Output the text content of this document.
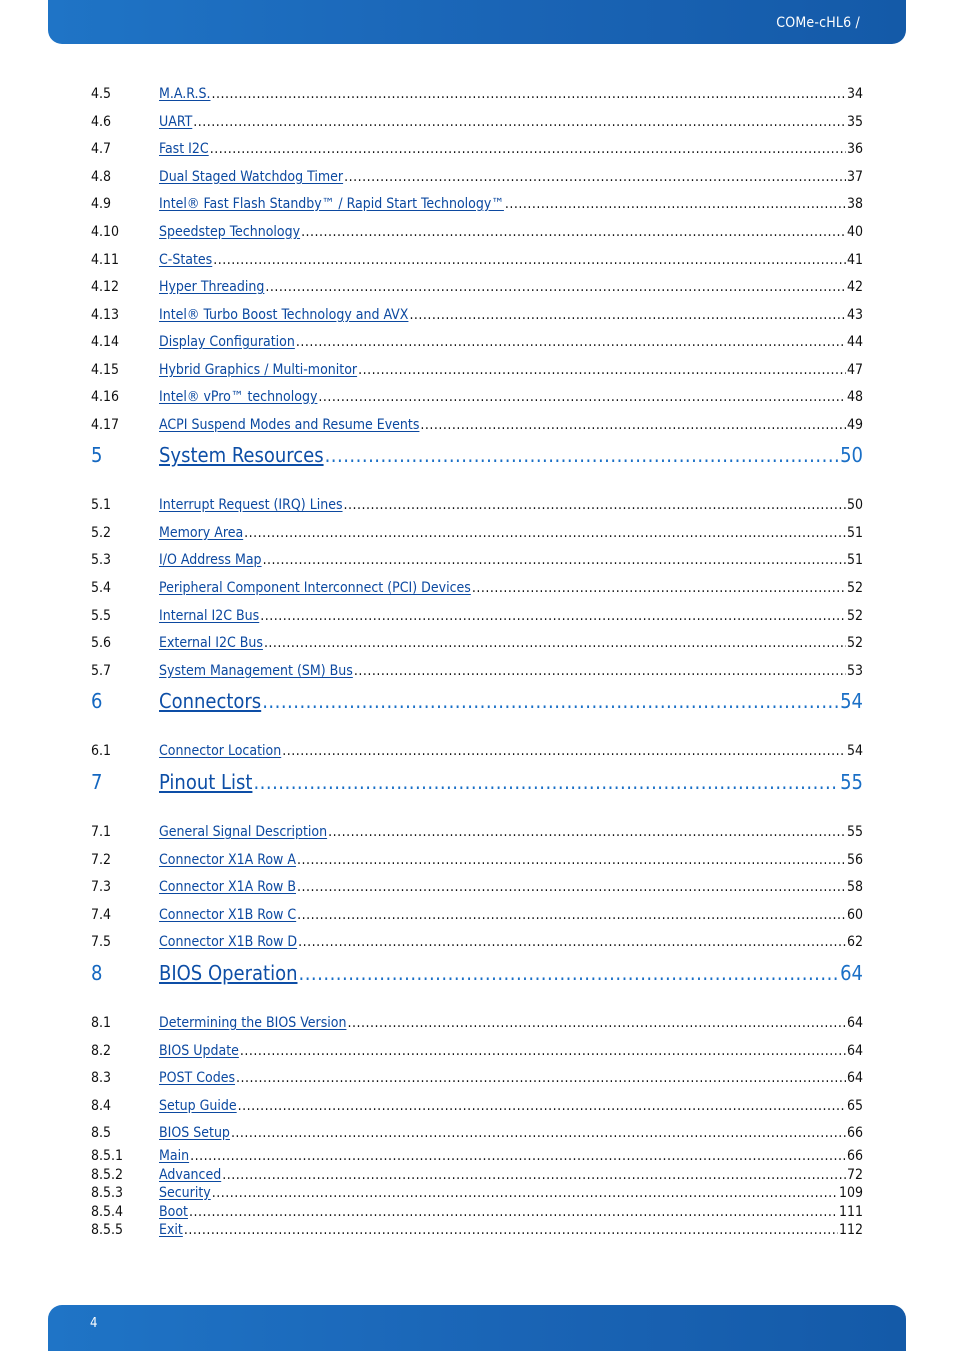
COMe-cHL6 /
4.5	M.A.R.S. .....	34
4.6	UART .....	35
4.7	Fast I2C .....	36
4.8	Dual Staged Watchdog Timer .....	37
4.9	Intel® Fast Flash Standby™ / Rapid Start Technology™ .....	38
4.10	Speedstep Technology .....	40
4.11	C-States .....	41
4.12	Hyper Threading .....	42
4.13	Intel® Turbo Boost Technology and AVX .....	43
4.14	Display Configuration .....	44
4.15	Hybrid Graphics / Multi-monitor .....	47
4.16	Intel® vPro™ technology .....	48
4.17	ACPI Suspend Modes and Resume Events .....	49
5	System Resources .....	50
5.1	Interrupt Request (IRQ) Lines .....	50
5.2	Memory Area .....	51
5.3	I/O Address Map .....	51
5.4	Peripheral Component Interconnect (PCI) Devices .....	52
5.5	Internal I2C Bus .....	52
5.6	External I2C Bus .....	52
5.7	System Management (SM) Bus .....	53
6	Connectors .....	54
6.1	Connector Location .....	54
7	Pinout List .....	55
7.1	General Signal Description .....	55
7.2	Connector X1A Row A .....	56
7.3	Connector X1A Row B .....	58
7.4	Connector X1B Row C .....	60
7.5	Connector X1B Row D .....	62
8	BIOS Operation .....	64
8.1	Determining the BIOS Version .....	64
8.2	BIOS Update .....	64
8.3	POST Codes .....	64
8.4	Setup Guide .....	65
8.5	BIOS Setup .....	66
8.5.1	Main .....	66
8.5.2	Advanced .....	72
8.5.3	Security .....	109
8.5.4	Boot .....	111
8.5.5	Exit .....	112
4
